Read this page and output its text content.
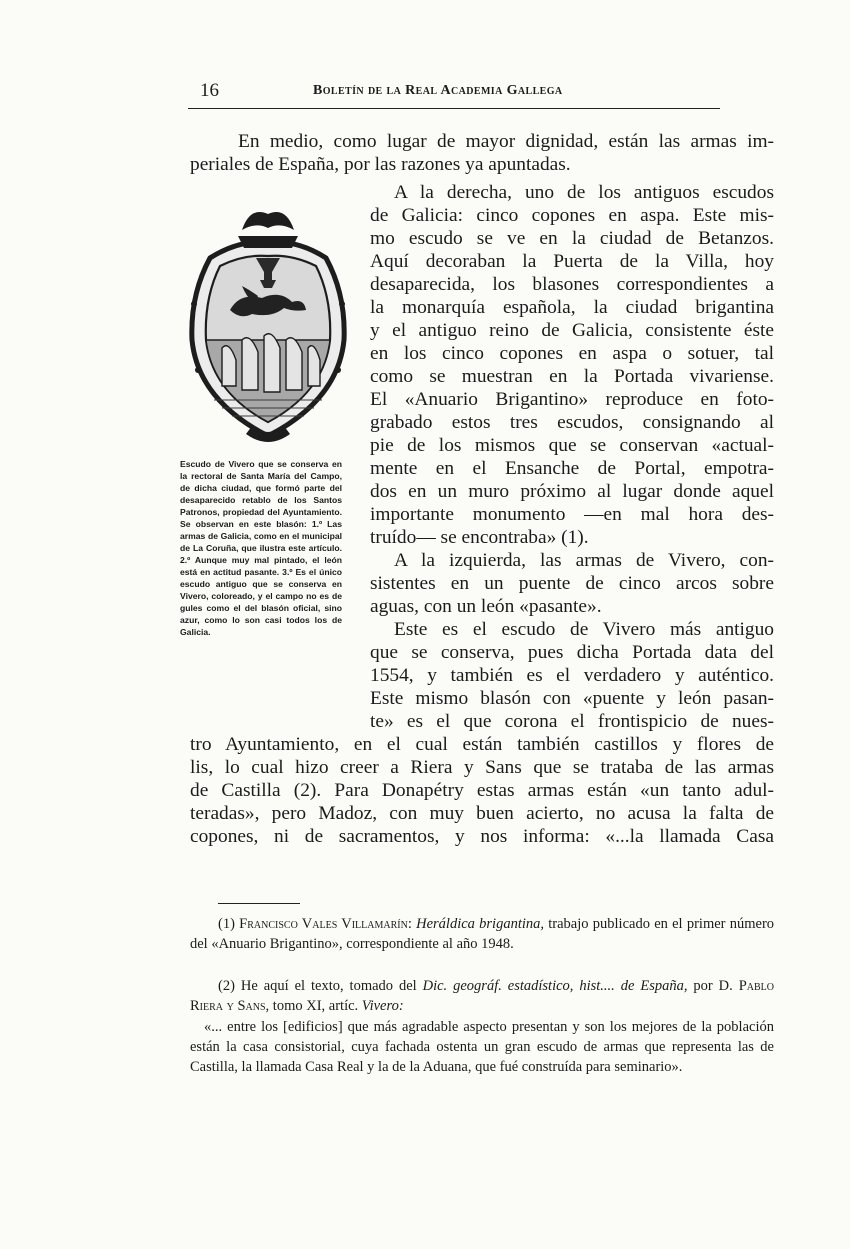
16	Boletín de la Real Academia Gallega
En medio, como lugar de mayor dignidad, están las armas im-
periales de España, por las razones ya apuntadas.
Escudo de Vivero que se conserva en la rectoral de Santa María del Campo, de dicha ciudad, que formó parte del desaparecido retablo de los Santos Patronos, propiedad del Ayuntamiento. Se observan en este blasón: 1.º Las armas de Galicia, como en el municipal de La Coruña, que ilustra este artículo. 2.º Aunque muy mal pintado, el león está en actitud pasante. 3.º Es el único escudo antiguo que se conserva en Vivero, coloreado, y el campo no es de gules como el del blasón oficial, sino azur, como lo son casi todos los de Galicia.
A la derecha, uno de los antiguos escudos
de Galicia: cinco copones en aspa. Este mis-
mo escudo se ve en la ciudad de Betanzos.
Aquí decoraban la Puerta de la Villa, hoy
desaparecida, los blasones correspondientes a
la monarquía española, la ciudad brigantina
y el antiguo reino de Galicia, consistente éste
en los cinco copones en aspa o sotuer, tal
como se muestran en la Portada vivariense.
El «Anuario Brigantino» reproduce en foto-
grabado estos tres escudos, consignando al
pie de los mismos que se conservan «actual-
mente en el Ensanche de Portal, empotra-
dos en un muro próximo al lugar donde aquel
importante monumento —en mal hora des-
truído— se encontraba» (1).
A la izquierda, las armas de Vivero, con-
sistentes en un puente de cinco arcos sobre
aguas, con un león «pasante».
Este es el escudo de Vivero más antiguo
que se conserva, pues dicha Portada data del
1554, y también es el verdadero y auténtico.
Este mismo blasón con «puente y león pasan-
te» es el que corona el frontispicio de nues-
tro Ayuntamiento, en el cual están también castillos y flores de
lis, lo cual hizo creer a Riera y Sans que se trataba de las armas
de Castilla (2). Para Donapétry estas armas están «un tanto adul-
teradas», pero Madoz, con muy buen acierto, no acusa la falta de
copones, ni de sacramentos, y nos informa: «...la llamada Casa
(1) Francisco Vales Villamarín: Heráldica brigantina, trabajo publicado en el primer número del «Anuario Brigantino», correspondiente al año 1948.
(2) He aquí el texto, tomado del Dic. geográf. estadístico, hist.... de España, por D. Pablo Riera y Sans, tomo XI, artíc. Vivero:
«... entre los [edificios] que más agradable aspecto presentan y son los mejores de la población están la casa consistorial, cuya fachada ostenta un gran escudo de armas que representa las de Castilla, la llamada Casa Real y la de la Aduana, que fué construída para seminario».
